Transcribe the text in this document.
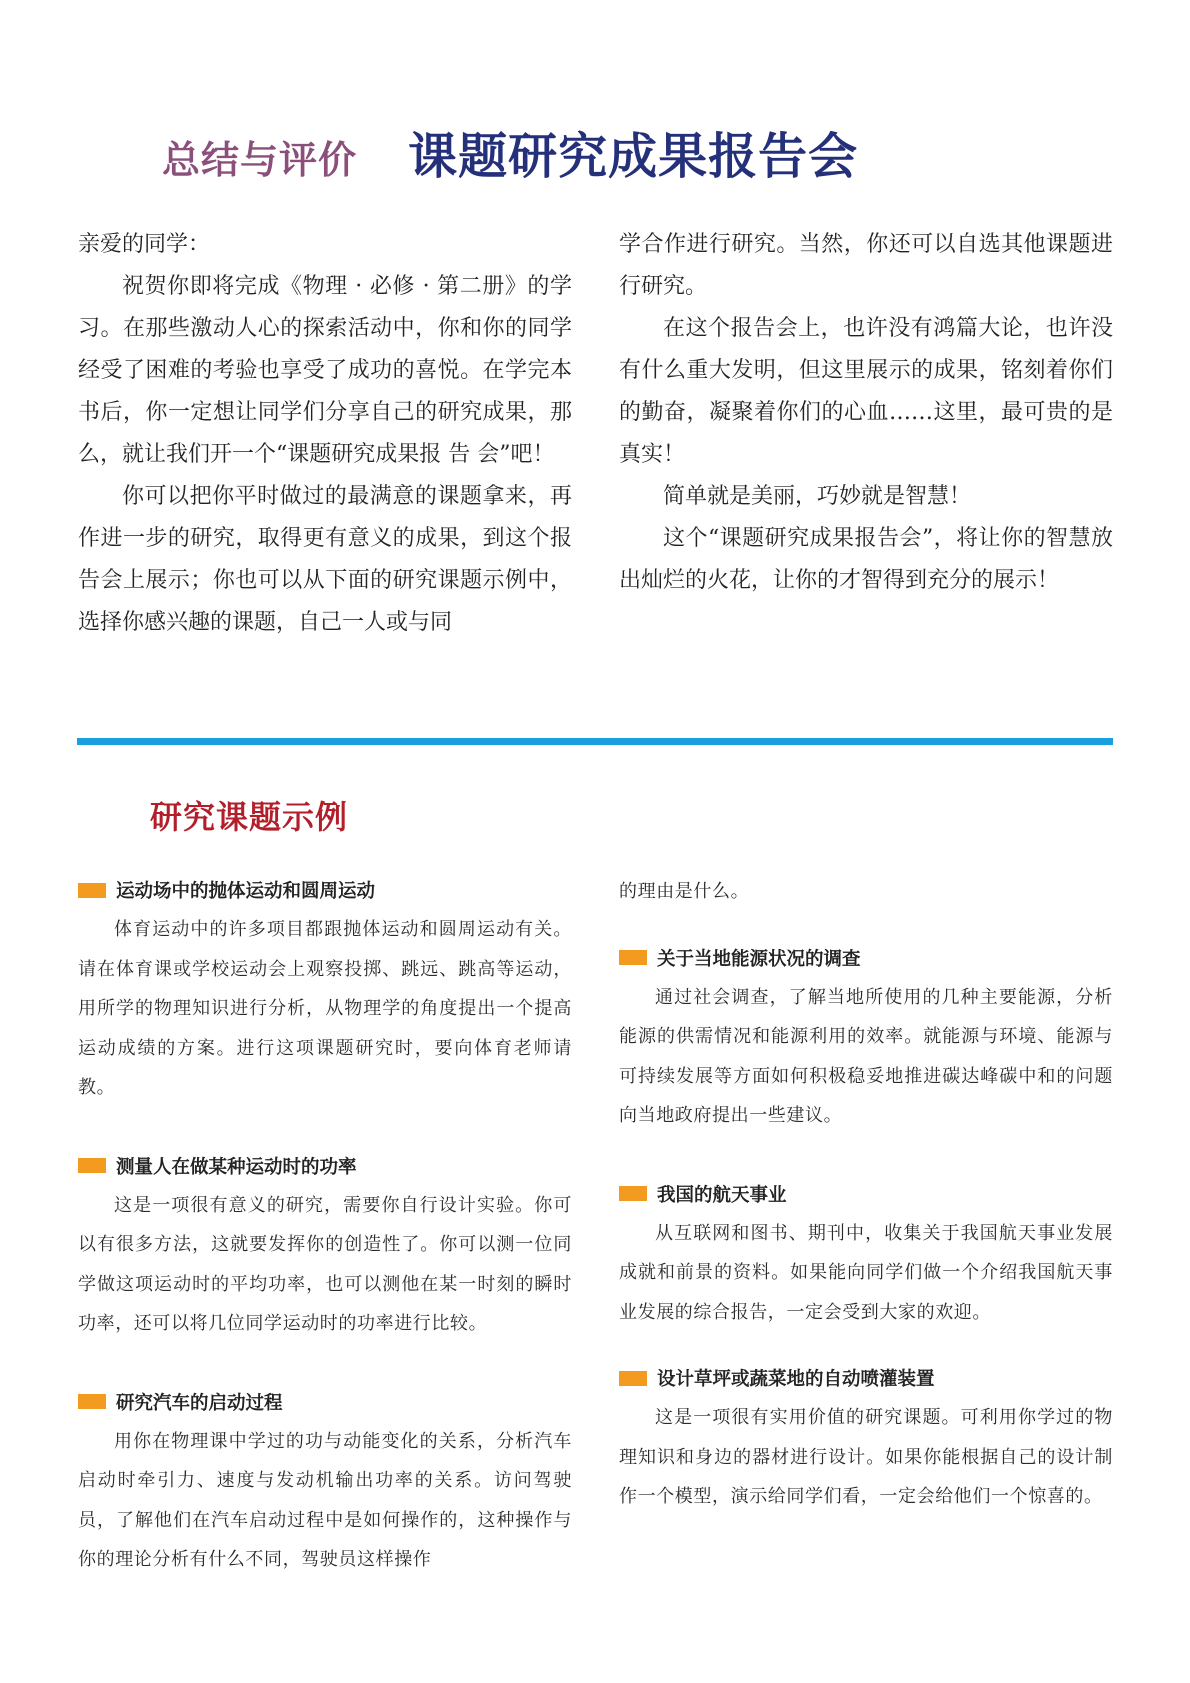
总结与评价 课题研究成果报告会

亲爱的同学：

祝贺你即将完成《物理 · 必修 · 第二册》的学习。在那些激动人心的探索活动中，你和你的同学经受了困难的考验也享受了成功的喜悦。在学完本书后，你一定想让同学们分享自己的研究成果，那么，就让我们开一个“课题研究成果报 告 会”吧！

你可以把你平时做过的最满意的课题拿来，再作进一步的研究，取得更有意义的成果，到这个报告会上展示；你也可以从下面的研究课题示例中，选择你感兴趣的课题，自己一人或与同

学合作进行研究。当然，你还可以自选其他课题进行研究。

在这个报告会上，也许没有鸿篇大论，也许没有什么重大发明，但这里展示的成果，铭刻着你们的勤奋，凝聚着你们的心血……这里，最可贵的是真实！

简单就是美丽，巧妙就是智慧！

这个“课题研究成果报告会”，将让你的智慧放出灿烂的火花，让你的才智得到充分的展示！

研究课题示例
运动场中的抛体运动和圆周运动

体育运动中的许多项目都跟抛体运动和圆周运动有关。请在体育课或学校运动会上观察投掷、跳远、跳高等运动，用所学的物理知识进行分析，从物理学的角度提出一个提高运动成绩的方案。进行这项课题研究时，要向体育老师请教。

测量人在做某种运动时的功率

这是一项很有意义的研究，需要你自行设计实验。你可以有很多方法，这就要发挥你的创造性了。你可以测一位同学做这项运动时的平均功率，也可以测他在某一时刻的瞬时功率，还可以将几位同学运动时的功率进行比较。

研究汽车的启动过程

用你在物理课中学过的功与动能变化的关系，分析汽车启动时牵引力、速度与发动机输出功率的关系。访问驾驶员，了解他们在汽车启动过程中是如何操作的，这种操作与你的理论分析有什么不同，驾驶员这样操作

的理由是什么。

关于当地能源状况的调查

通过社会调查，了解当地所使用的几种主要能源，分析能源的供需情况和能源利用的效率。就能源与环境、能源与可持续发展等方面如何积极稳妥地推进碳达峰碳中和的问题向当地政府提出一些建议。

我国的航天事业

从互联网和图书、期刊中，收集关于我国航天事业发展成就和前景的资料。如果能向同学们做一个介绍我国航天事业发展的综合报告，一定会受到大家的欢迎。

设计草坪或蔬菜地的自动喷灌装置

这是一项很有实用价值的研究课题。可利用你学过的物理知识和身边的器材进行设计。如果你能根据自己的设计制作一个模型，演示给同学们看，一定会给他们一个惊喜的。
